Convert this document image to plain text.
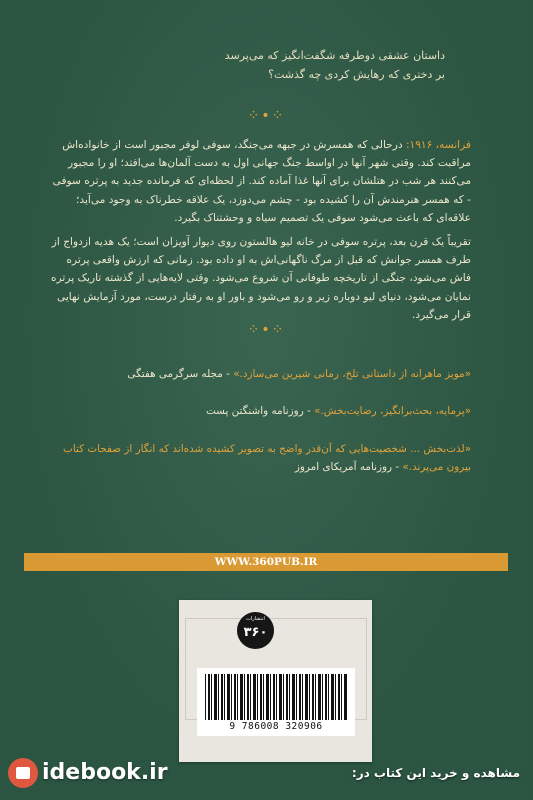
داستان عشقی دوطرفه شگفت‌انگیز که می‌پرسد
بر دختری که رهایش کردی چه گذشت؟
⁘•⁘

فرانسه، ۱۹۱۶: درحالی که همسرش در جبهه می‌جنگد، سوفی لوفر مجبور است از خانواده‌اش مراقبت کند. وقتی شهر آنها در اواسط جنگ جهانی اول به دست آلمان‌ها می‌افتد؛ او را مجبور می‌کنند هر شب در هتلشان برای آنها غذا آماده کند. از لحظه‌ای که فرمانده جدید به پرتره سوفی - که همسر هنرمندش آن را کشیده بود - چشم می‌دوزد، یک علاقه خطرناک به وجود می‌آید؛ علاقه‌ای که باعث می‌شود سوفی یک تصمیم سیاه و وحشتناک بگیرد.

تقریباً یک قرن بعد، پرتره سوفی در خانه لیو هالستون روی دیوار آویزان است؛ یک هدیه ازدواج از طرف همسر جوانش که قبل از مرگ ناگهانی‌اش به او داده بود. زمانی که ارزش واقعی پرتره فاش می‌شود، جنگی از تاریخچه طوفانی آن شروع می‌شود. وقتی لایه‌هایی از گذشته تاریک پرتره نمایان می‌شود، دنیای لیو دوباره زیر و رو می‌شود و باور او به رفتار درست، مورد آزمایش نهایی قرار می‌گیرد.

⁘•⁘
«مویز ماهرانه از داستانی تلخ، رمانی شیرین می‌سازد.» - مجله سرگرمی هفتگی
«پرمایه، بحث‌برانگیز، رضایت‌بخش.» - روزنامه واشنگتن پست
«لذت‌بخش ... شخصیت‌هایی که آن‌قدر واضح به تصویر کشیده شده‌اند که انگار از صفحات کتاب بیرون می‌پرند.» - روزنامه آمریکای امروز
WWW.360PUB.IR
انتشارات
۳۶۰
9 786008 320906
idebook.ir	مشاهده و خرید این کتاب در:
